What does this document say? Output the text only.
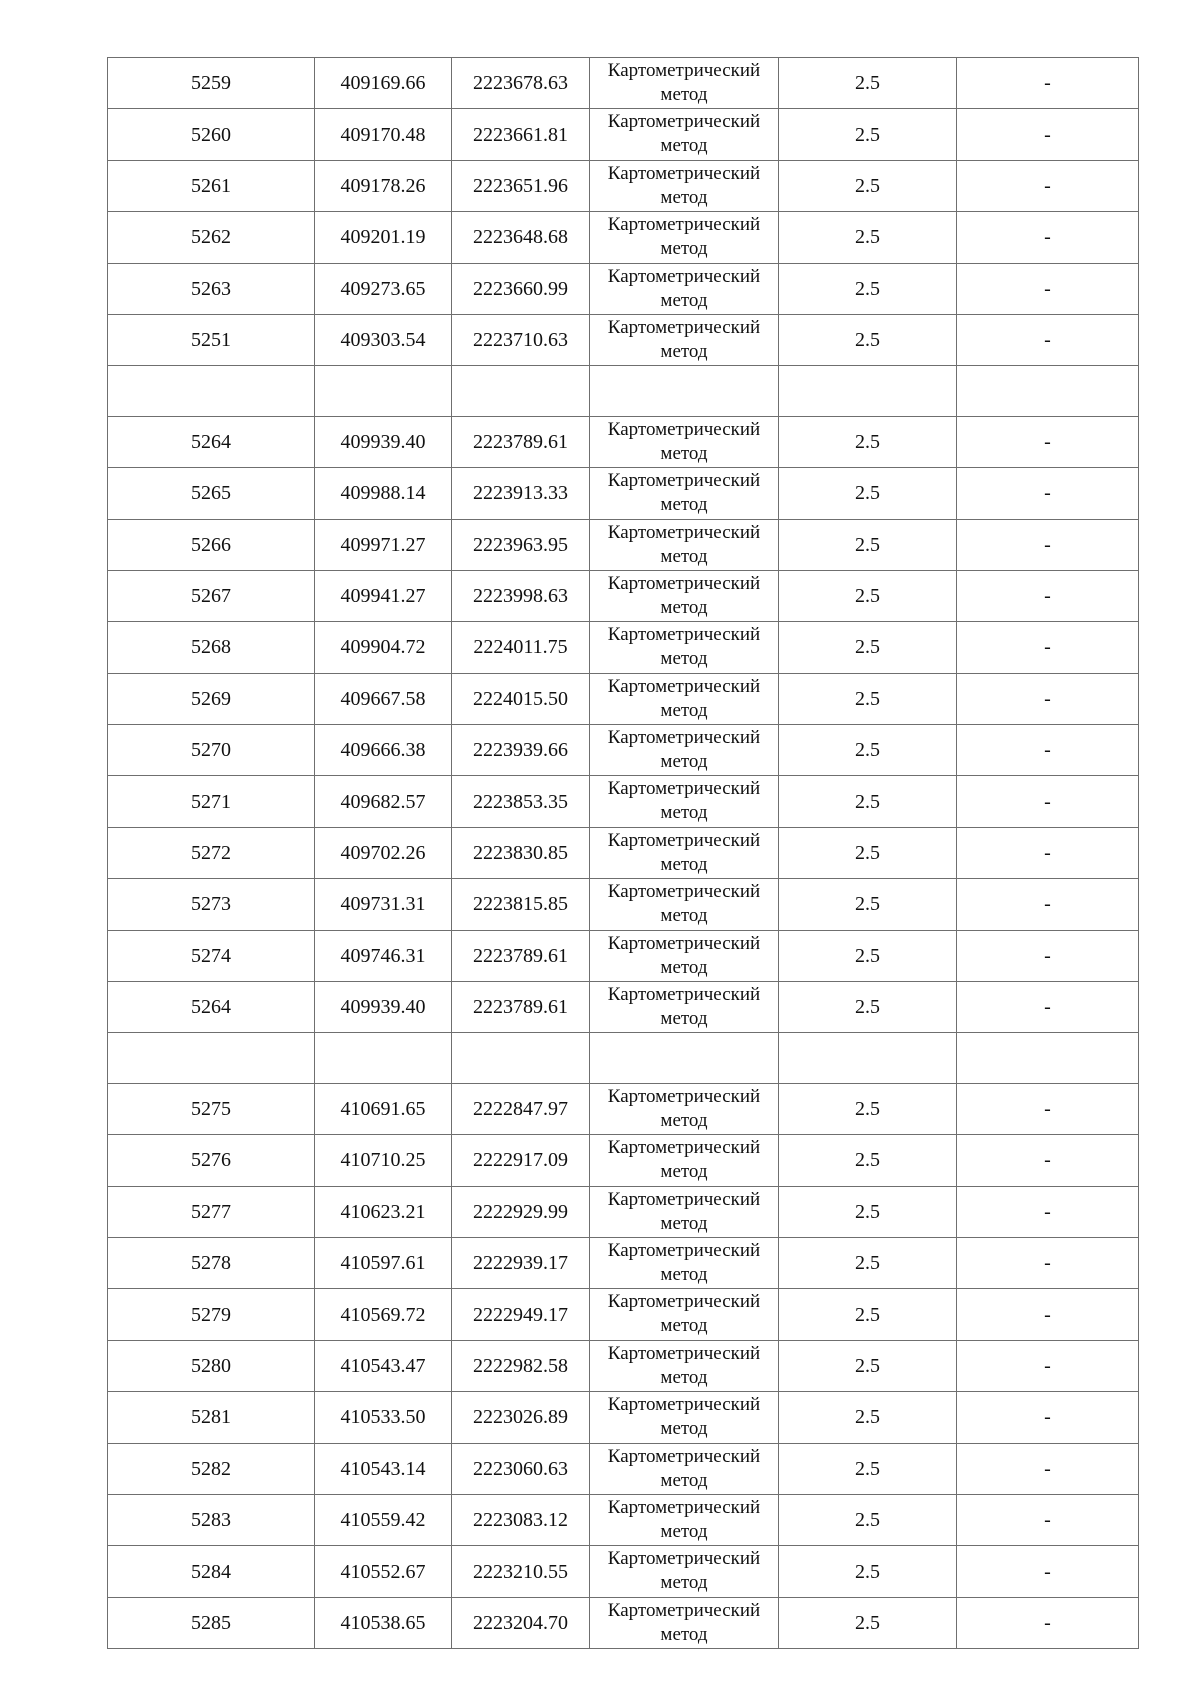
5259	409169.66	2223678.63	Картометрический
метод	2.5	-
5260	409170.48	2223661.81	Картометрический
метод	2.5	-
5261	409178.26	2223651.96	Картометрический
метод	2.5	-
5262	409201.19	2223648.68	Картометрический
метод	2.5	-
5263	409273.65	2223660.99	Картометрический
метод	2.5	-
5251	409303.54	2223710.63	Картометрический
метод	2.5	-

5264	409939.40	2223789.61	Картометрический
метод	2.5	-
5265	409988.14	2223913.33	Картометрический
метод	2.5	-
5266	409971.27	2223963.95	Картометрический
метод	2.5	-
5267	409941.27	2223998.63	Картометрический
метод	2.5	-
5268	409904.72	2224011.75	Картометрический
метод	2.5	-
5269	409667.58	2224015.50	Картометрический
метод	2.5	-
5270	409666.38	2223939.66	Картометрический
метод	2.5	-
5271	409682.57	2223853.35	Картометрический
метод	2.5	-
5272	409702.26	2223830.85	Картометрический
метод	2.5	-
5273	409731.31	2223815.85	Картометрический
метод	2.5	-
5274	409746.31	2223789.61	Картометрический
метод	2.5	-
5264	409939.40	2223789.61	Картометрический
метод	2.5	-

5275	410691.65	2222847.97	Картометрический
метод	2.5	-
5276	410710.25	2222917.09	Картометрический
метод	2.5	-
5277	410623.21	2222929.99	Картометрический
метод	2.5	-
5278	410597.61	2222939.17	Картометрический
метод	2.5	-
5279	410569.72	2222949.17	Картометрический
метод	2.5	-
5280	410543.47	2222982.58	Картометрический
метод	2.5	-
5281	410533.50	2223026.89	Картометрический
метод	2.5	-
5282	410543.14	2223060.63	Картометрический
метод	2.5	-
5283	410559.42	2223083.12	Картометрический
метод	2.5	-
5284	410552.67	2223210.55	Картометрический
метод	2.5	-
5285	410538.65	2223204.70	Картометрический
метод	2.5	-
